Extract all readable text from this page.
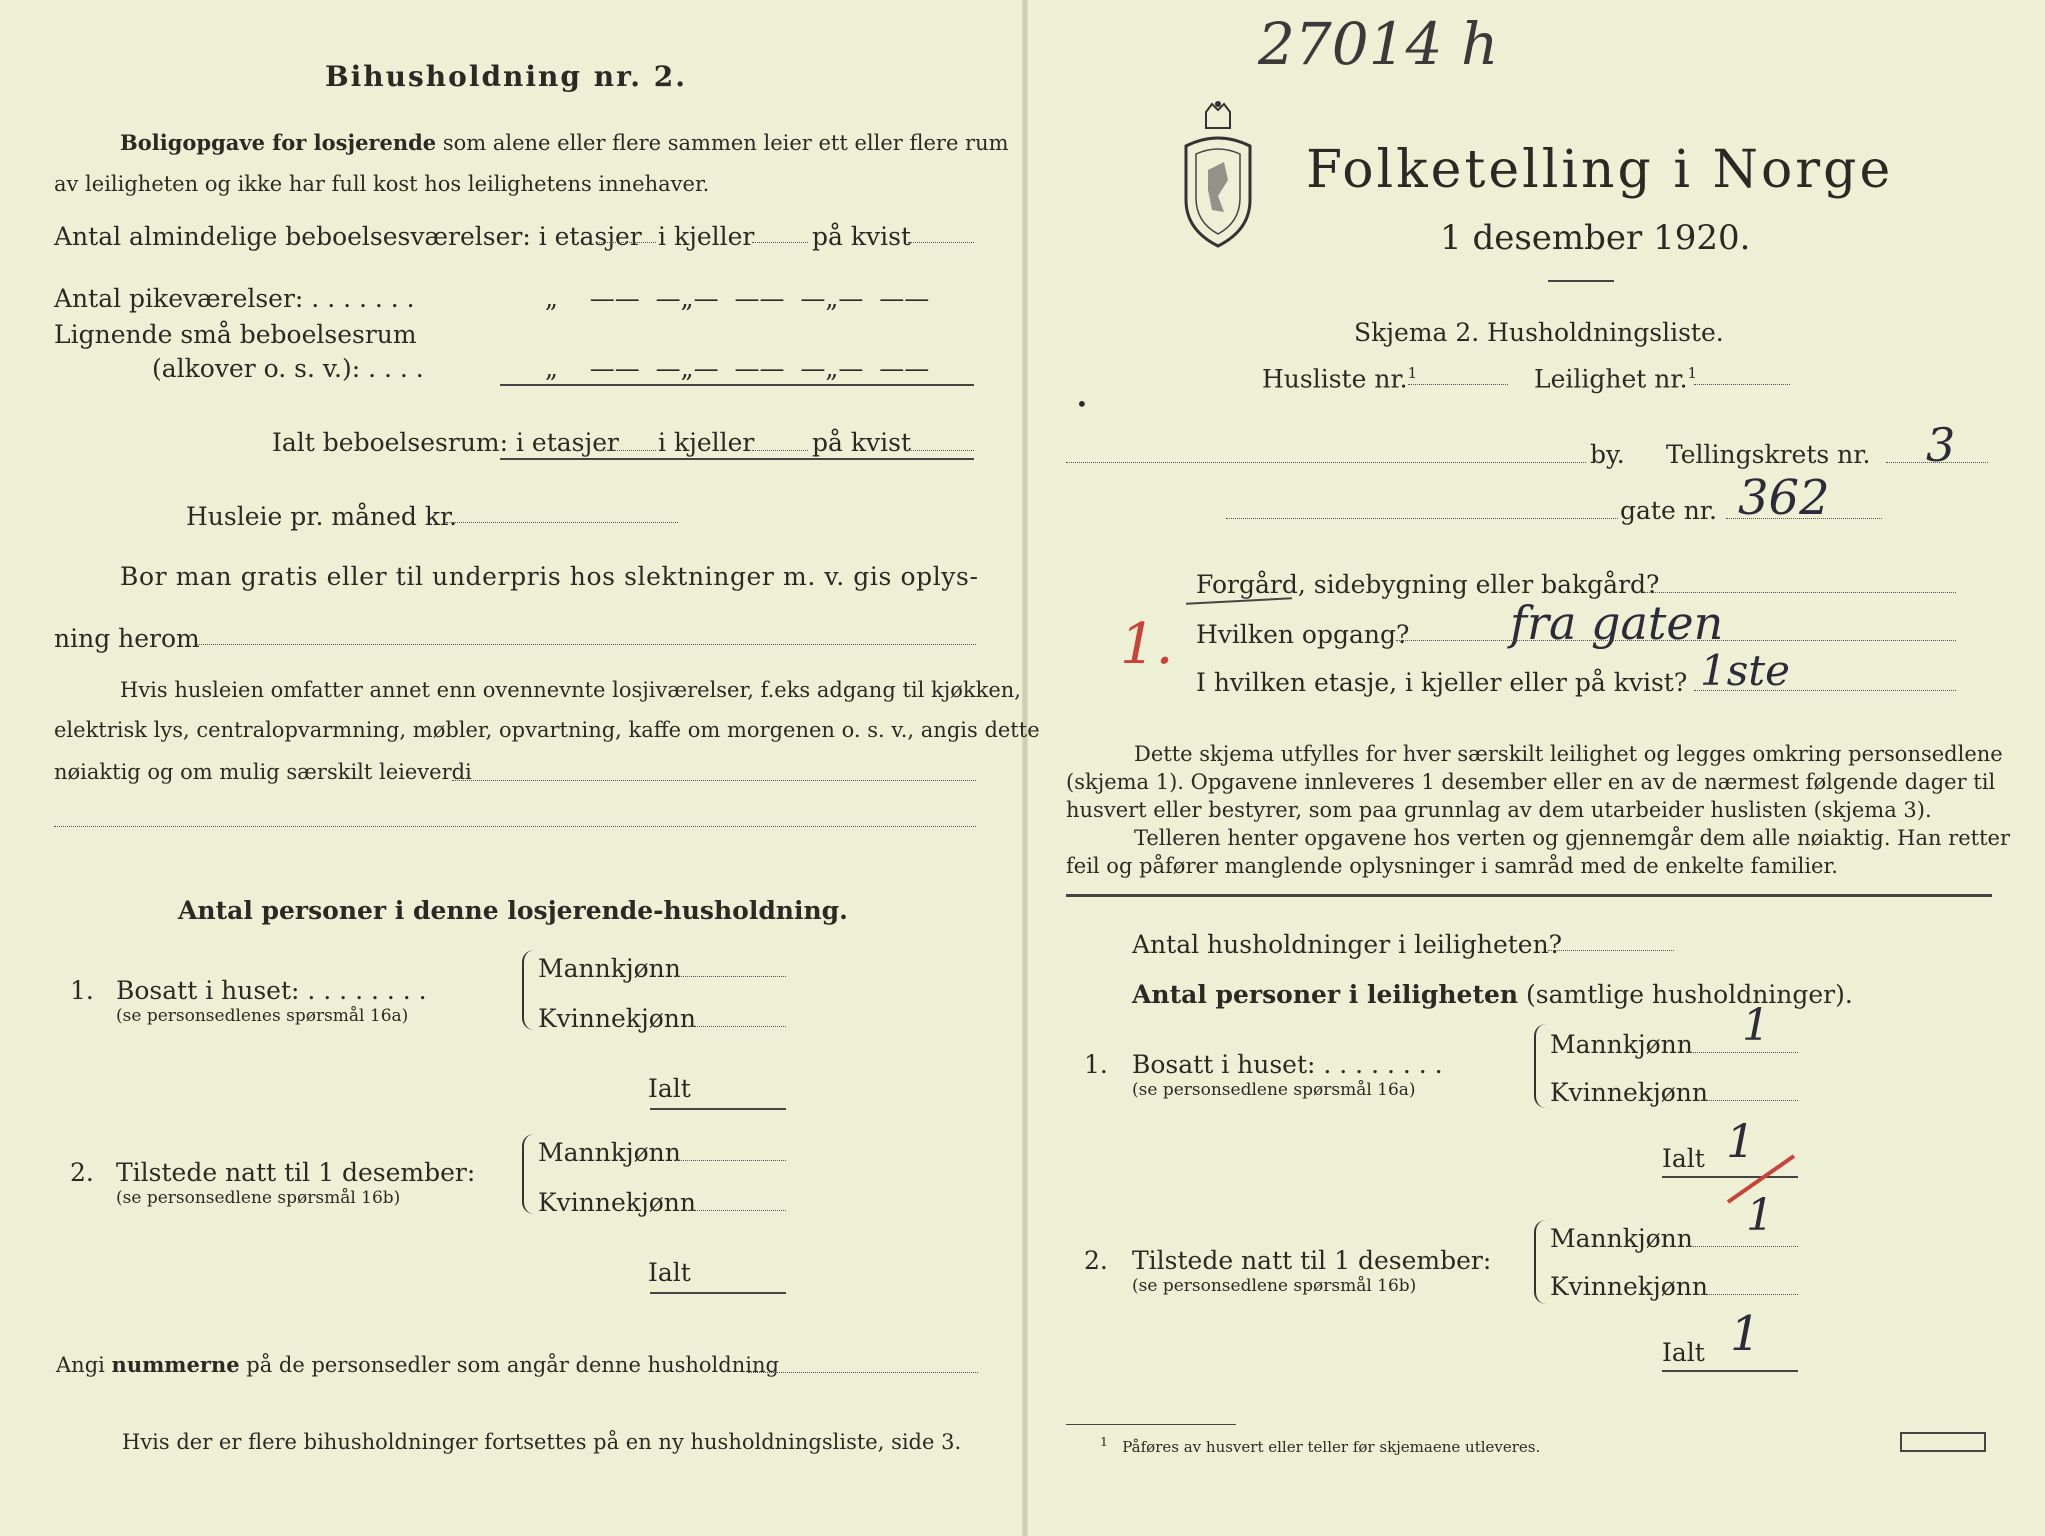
Bihusholdning nr. 2.
Boligopgave for losjerende som alene eller flere sammen leier ett eller flere rum
av leiligheten og ikke har full kost hos leilighetens innehaver.
Antal almindelige beboelsesværelser: i etasjer i kjeller på kvist
Antal pikeværelser: . . . . . . .	„    ——  —„—  ——  —„—  ——
Lignende små beboelsesrum
(alkover o. s. v.): . . . .	„    ——  —„—  ——  —„—  ——
Ialt beboelsesrum: i etasjer i kjeller på kvist
Husleie pr. måned kr.
Bor man gratis eller til underpris hos slektninger m. v. gis oplys-
ning herom
Hvis husleien omfatter annet enn ovennevnte losjiværelser, f.eks adgang til kjøkken,
elektrisk lys, centralopvarmning, møbler, opvartning, kaffe om morgenen o. s. v., angis dette
nøiaktig og om mulig særskilt leieverdi
Antal personer i denne losjerende-husholdning.
1. Bosatt i huset: . . . . . . . .
(se personsedlenes spørsmål 16a)
Mannkjønn
Kvinnekjønn
Ialt
2. Tilstede natt til 1 desember:
(se personsedlene spørsmål 16b)
Mannkjønn
Kvinnekjønn
Ialt
Angi nummerne på de personsedler som angår denne husholdning
Hvis der er flere bihusholdninger fortsettes på en ny husholdningsliste, side 3.
27014 h
Folketelling i Norge
1 desember 1920.
Skjema 2. Husholdningsliste.
Husliste nr.$^1$	Leilighet nr.$^1$
•
by. Tellingskrets nr. 3
gate nr. 362
Forgård, sidebygning eller bakgård?
1. Hvilken opgang? fra gaten
I hvilken etasje, i kjeller eller på kvist? 1ste
Dette skjema utfylles for hver særskilt leilighet og legges omkring personsedlene
(skjema 1). Opgavene innleveres 1 desember eller en av de nærmest følgende dager til
husvert eller bestyrer, som paa grunnlag av dem utarbeider huslisten (skjema 3).
Telleren henter opgavene hos verten og gjennemgår dem alle nøiaktig. Han retter
feil og påfører manglende oplysninger i samråd med de enkelte familier.
Antal husholdninger i leiligheten?
Antal personer i leiligheten (samtlige husholdninger).
1. Bosatt i huset: . . . . . . . .
(se personsedlene spørsmål 16a)
Mannkjønn 1
Kvinnekjønn
Ialt 1
2. Tilstede natt til 1 desember:
(se personsedlene spørsmål 16b)
Mannkjønn 1
Kvinnekjønn
Ialt 1
$^1$ Påføres av husvert eller teller før skjemaene utleveres.
